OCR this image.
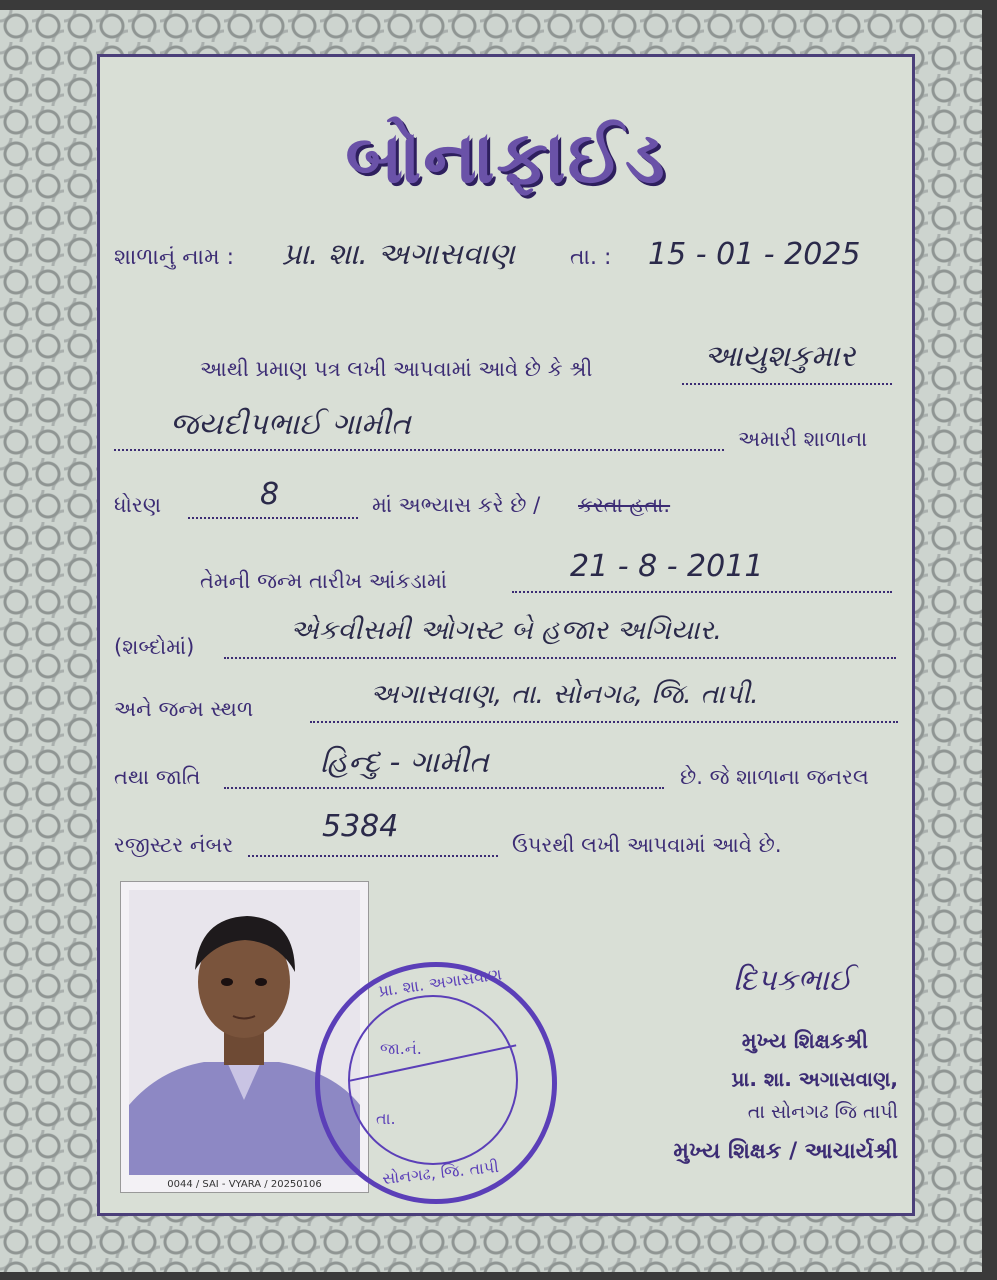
બોનાફાઈડ
શાળાનું નામ : પ્રા. શા. અગાસવાણ	તા. : 15 - 01 - 2025
આથી પ્રમાણ પત્ર લખી આપવામાં આવે છે કે શ્રી	આયુશકુમાર
જયદીપભાઈ ગામીત	અમારી શાળાના
ધોરણ	8	માં અભ્યાસ કરે છે / કરતા હતા.
તેમની જન્મ તારીખ આંકડામાં	21 - 8 - 2011
(શબ્દોમાં)
એકવીસમી ઓગસ્ટ બે હજાર અગિયાર.
અને જન્મ સ્થળ	અગાસવાણ, તા. સોનગઢ, જિ. તાપી.
તથા જાતિ	હિન્દુ - ગામીત	છે. જે શાળાના જનરલ
રજીસ્ટર નંબર
5384
ઉપરથી લખી આપવામાં આવે છે.
0044 / SAI - VYARA / 20250106
પ્રા. શા. અગાસવાણ
જા.નં.
તા.
સોનગઢ, જિ. તાપી
દિપકભાઈ
મુખ્ય શિક્ષકશ્રી
પ્રા. શા. અગાસવાણ,
તા સોનગઢ જિ તાપી
મુખ્ય શિક્ષક / આચાર્યશ્રી
